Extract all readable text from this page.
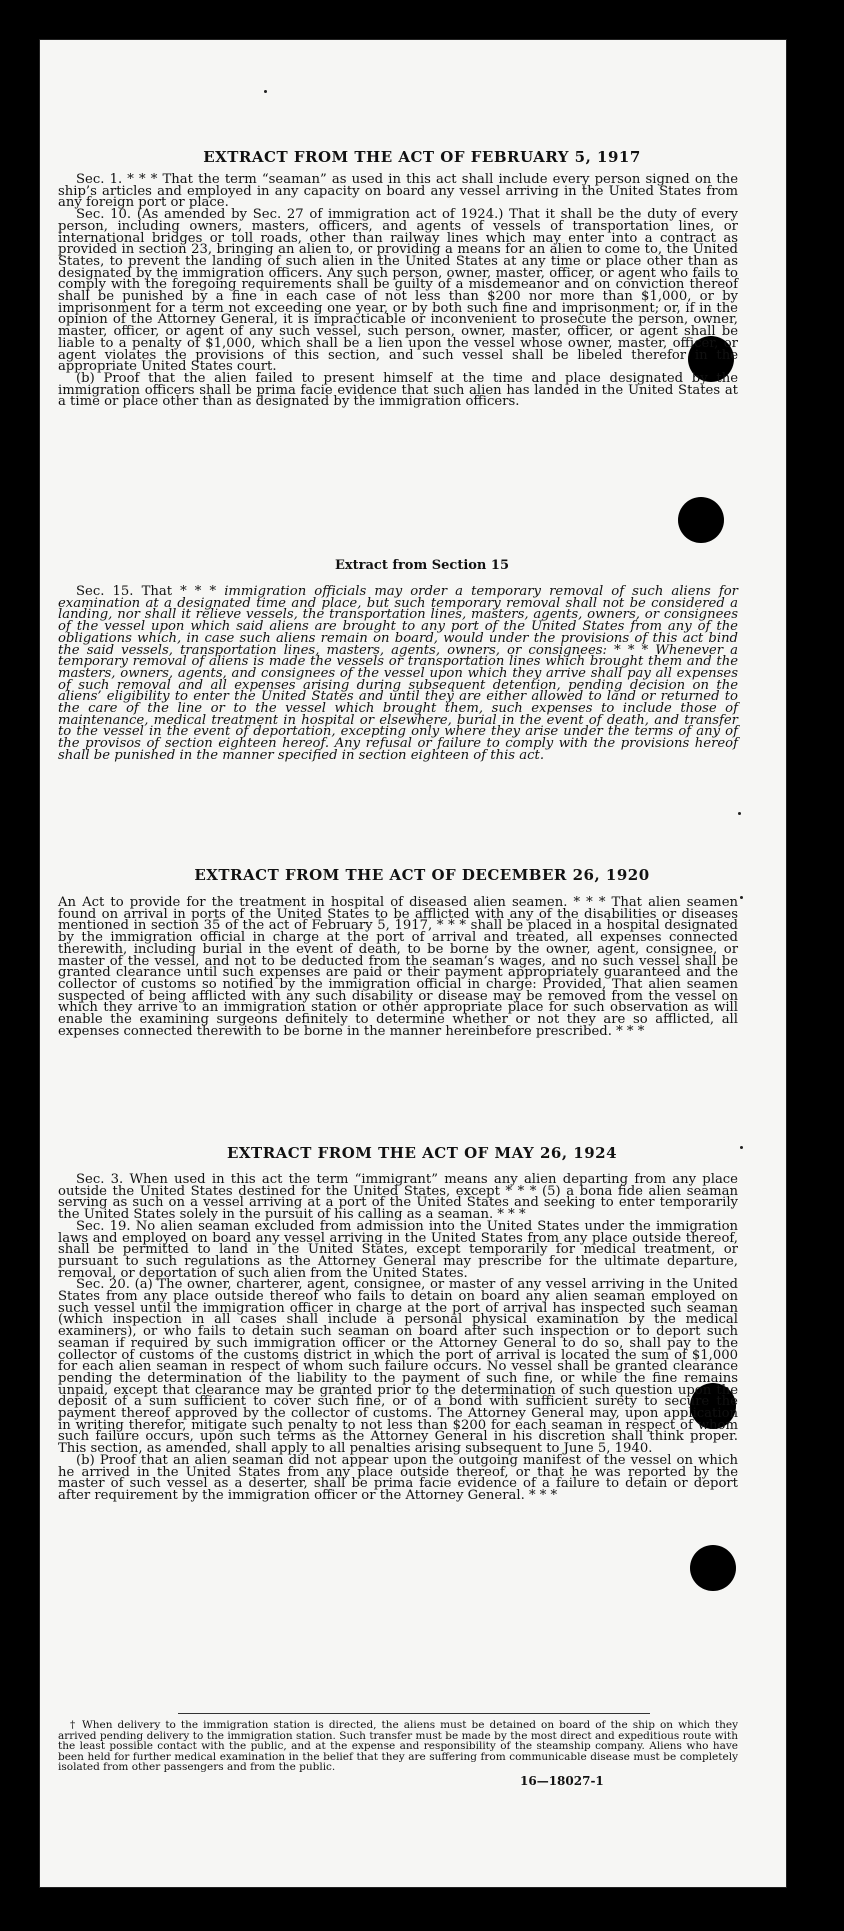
EXTRACT FROM THE ACT OF FEBRUARY 5, 1917

Sec. 1. * * * That the term “seaman” as used in this act shall include every person signed on the ship’s articles and employed in any capacity on board any vessel arriving in the United States from any foreign port or place.

Sec. 10. (As amended by Sec. 27 of immigration act of 1924.) That it shall be the duty of every person, including owners, masters, officers, and agents of vessels of transportation lines, or international bridges or toll roads, other than railway lines which may enter into a contract as provided in section 23, bringing an alien to, or providing a means for an alien to come to, the United States, to prevent the landing of such alien in the United States at any time or place other than as designated by the immigration officers. Any such person, owner, master, officer, or agent who fails to comply with the foregoing requirements shall be guilty of a misdemeanor and on conviction thereof shall be punished by a fine in each case of not less than $200 nor more than $1,000, or by imprisonment for a term not exceeding one year, or by both such fine and imprisonment; or, if in the opinion of the Attorney General, it is impracticable or inconvenient to prosecute the person, owner, master, officer, or agent of any such vessel, such person, owner, master, officer, or agent shall be liable to a penalty of $1,000, which shall be a lien upon the vessel whose owner, master, officer, or agent violates the provisions of this section, and such vessel shall be libeled therefor in the appropriate United States court.

(b) Proof that the alien failed to present himself at the time and place designated by the immigration officers shall be prima facie evidence that such alien has landed in the United States at a time or place other than as designated by the immigration officers.

Extract from Section 15

Sec. 15. That * * * immigration officials may order a temporary removal of such aliens for examination at a designated time and place, but such temporary removal shall not be considered a landing, nor shall it relieve vessels, the transportation lines, masters, agents, owners, or consignees of the vessel upon which said aliens are brought to any port of the United States from any of the obligations which, in case such aliens remain on board, would under the provisions of this act bind the said vessels, transportation lines, masters, agents, owners, or consignees: * * * Whenever a temporary removal of aliens is made the vessels or transportation lines which brought them and the masters, owners, agents, and consignees of the vessel upon which they arrive shall pay all expenses of such removal and all expenses arising during subsequent detention, pending decision on the aliens’ eligibility to enter the United States and until they are either allowed to land or returned to the care of the line or to the vessel which brought them, such expenses to include those of maintenance, medical treatment in hospital or elsewhere, burial in the event of death, and transfer to the vessel in the event of deportation, excepting only where they arise under the terms of any of the provisos of section eighteen hereof. Any refusal or failure to comply with the provisions hereof shall be punished in the manner specified in section eighteen of this act.

EXTRACT FROM THE ACT OF DECEMBER 26, 1920

An Act to provide for the treatment in hospital of diseased alien seamen. * * * That alien seamen found on arrival in ports of the United States to be afflicted with any of the disabilities or diseases mentioned in section 35 of the act of February 5, 1917, * * * shall be placed in a hospital designated by the immigration official in charge at the port of arrival and treated, all expenses connected therewith, including burial in the event of death, to be borne by the owner, agent, consignee, or master of the vessel, and not to be deducted from the seaman’s wages, and no such vessel shall be granted clearance until such expenses are paid or their payment appropriately guaranteed and the collector of customs so notified by the immigration official in charge: Provided, That alien seamen suspected of being afflicted with any such disability or disease may be removed from the vessel on which they arrive to an immigration station or other appropriate place for such observation as will enable the examining surgeons definitely to determine whether or not they are so afflicted, all expenses connected therewith to be borne in the manner hereinbefore prescribed. * * *

EXTRACT FROM THE ACT OF MAY 26, 1924

Sec. 3. When used in this act the term “immigrant” means any alien departing from any place outside the United States destined for the United States, except * * * (5) a bona fide alien seaman serving as such on a vessel arriving at a port of the United States and seeking to enter temporarily the United States solely in the pursuit of his calling as a seaman. * * *

Sec. 19. No alien seaman excluded from admission into the United States under the immigration laws and employed on board any vessel arriving in the United States from any place outside thereof, shall be permitted to land in the United States, except temporarily for medical treatment, or pursuant to such regulations as the Attorney General may prescribe for the ultimate departure, removal, or deportation of such alien from the United States.

Sec. 20. (a) The owner, charterer, agent, consignee, or master of any vessel arriving in the United States from any place outside thereof who fails to detain on board any alien seaman employed on such vessel until the immigration officer in charge at the port of arrival has inspected such seaman (which inspection in all cases shall include a personal physical examination by the medical examiners), or who fails to detain such seaman on board after such inspection or to deport such seaman if required by such immigration officer or the Attorney General to do so, shall pay to the collector of customs of the customs district in which the port of arrival is located the sum of $1,000 for each alien seaman in respect of whom such failure occurs. No vessel shall be granted clearance pending the determination of the liability to the payment of such fine, or while the fine remains unpaid, except that clearance may be granted prior to the determination of such question upon the deposit of a sum sufficient to cover such fine, or of a bond with sufficient surety to secure the payment thereof approved by the collector of customs. The Attorney General may, upon application in writing therefor, mitigate such penalty to not less than $200 for each seaman in respect of whom such failure occurs, upon such terms as the Attorney General in his discretion shall think proper. This section, as amended, shall apply to all penalties arising subsequent to June 5, 1940.

(b) Proof that an alien seaman did not appear upon the outgoing manifest of the vessel on which he arrived in the United States from any place outside thereof, or that he was reported by the master of such vessel as a deserter, shall be prima facie evidence of a failure to detain or deport after requirement by the immigration officer or the Attorney General. * * *

† When delivery to the immigration station is directed, the aliens must be detained on board of the ship on which they arrived pending delivery to the immigration station. Such transfer must be made by the most direct and expeditious route with the least possible contact with the public, and at the expense and responsibility of the steamship company. Aliens who have been held for further medical examination in the belief that they are suffering from communicable disease must be completely isolated from other passengers and from the public.

16—18027-1
